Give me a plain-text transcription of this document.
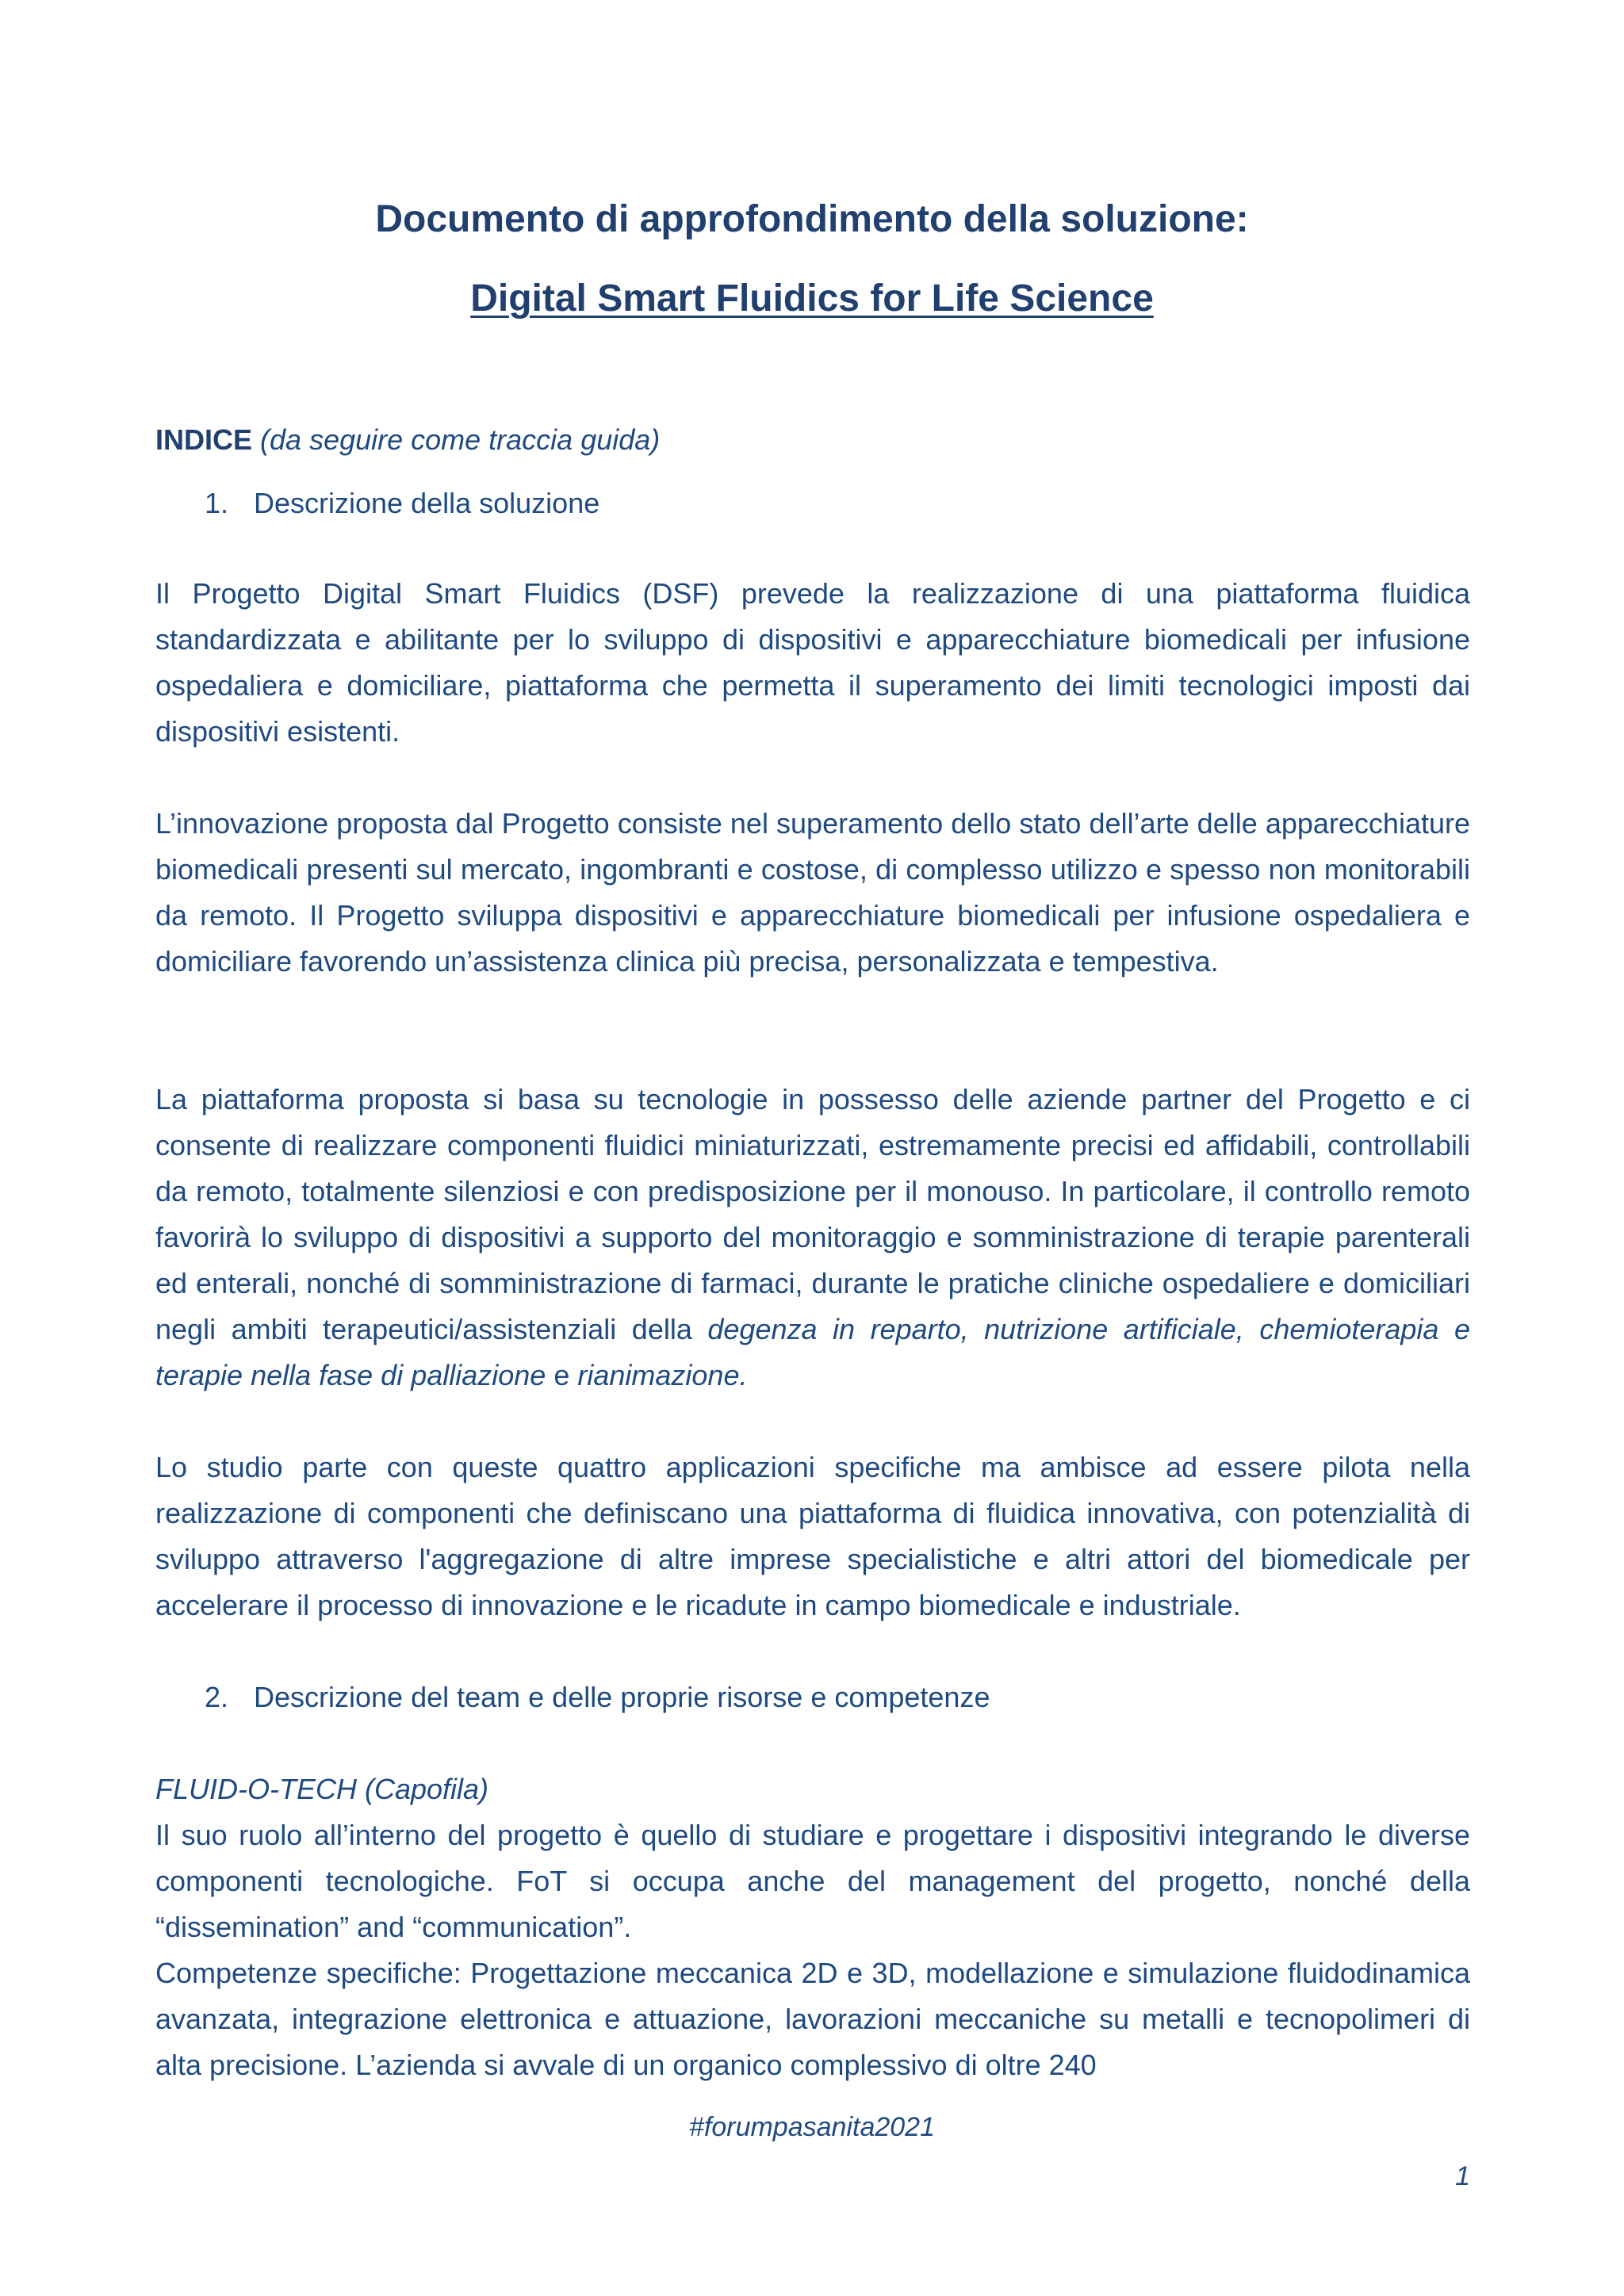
Documento di approfondimento della soluzione:
Digital Smart Fluidics for Life Science
INDICE (da seguire come traccia guida)
1. Descrizione della soluzione

Il Progetto Digital Smart Fluidics (DSF) prevede la realizzazione di una piattaforma fluidica standardizzata e abilitante per lo sviluppo di dispositivi e apparecchiature biomedicali per infusione ospedaliera e domiciliare, piattaforma che permetta il superamento dei limiti tecnologici imposti dai dispositivi esistenti.

L’innovazione proposta dal Progetto consiste nel superamento dello stato dell’arte delle apparecchiature biomedicali presenti sul mercato, ingombranti e costose, di complesso utilizzo e spesso non monitorabili da remoto. Il Progetto sviluppa dispositivi e apparecchiature biomedicali per infusione ospedaliera e domiciliare favorendo un’assistenza clinica più precisa, personalizzata e tempestiva.

La piattaforma proposta si basa su tecnologie in possesso delle aziende partner del Progetto e ci consente di realizzare componenti fluidici miniaturizzati, estremamente precisi ed affidabili, controllabili da remoto, totalmente silenziosi e con predisposizione per il monouso. In particolare, il controllo remoto favorirà lo sviluppo di dispositivi a supporto del monitoraggio e somministrazione di terapie parenterali ed enterali, nonché di somministrazione di farmaci, durante le pratiche cliniche ospedaliere e domiciliari negli ambiti terapeutici/assistenziali della degenza in reparto, nutrizione artificiale, chemioterapia e terapie nella fase di palliazione e rianimazione.

Lo studio parte con queste quattro applicazioni specifiche ma ambisce ad essere pilota nella realizzazione di componenti che definiscano una piattaforma di fluidica innovativa, con potenzialità di sviluppo attraverso l'aggregazione di altre imprese specialistiche e altri attori del biomedicale per accelerare il processo di innovazione e le ricadute in campo biomedicale e industriale.

2. Descrizione del team e delle proprie risorse e competenze

FLUID-O-TECH (Capofila)

Il suo ruolo all’interno del progetto è quello di studiare e progettare i dispositivi integrando le diverse componenti tecnologiche. FoT si occupa anche del management del progetto, nonché della “dissemination” and “communication”.

Competenze specifiche: Progettazione meccanica 2D e 3D, modellazione e simulazione fluidodinamica avanzata, integrazione elettronica e attuazione, lavorazioni meccaniche su metalli e tecnopolimeri di alta precisione. L’azienda si avvale di un organico complessivo di oltre 240

#forumpasanita2021
1
